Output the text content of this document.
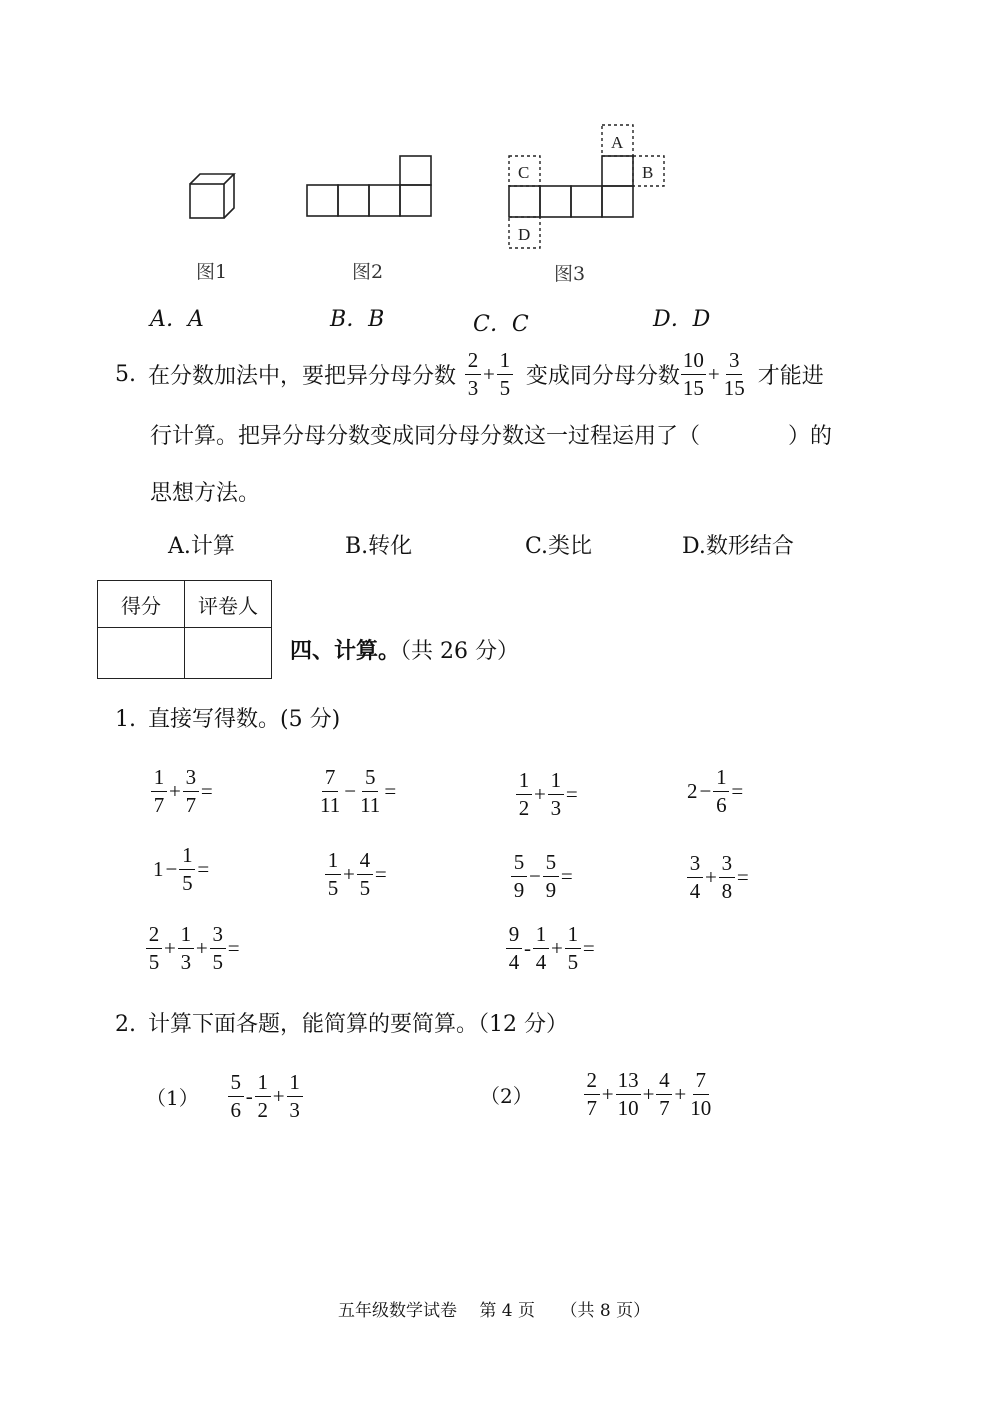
图1	图2
A
B
C
D
图3
A．A	B．B	C．C	D．D
5. 在分数加法中，要把异分母分数 $\frac{2}{3} + \frac{1}{5}$ 变成同分母分数 $\frac{10}{15} + \frac{3}{15}$ 才能进
行计算。把异分母分数变成同分母分数这一过程运用了（　　　　）的
思想方法。
A.计算	B.转化	C.类比	D.数形结合
得分	评卷人

四、计算。（共 26 分）
1. 直接写得数。(5 分)
$\frac{1}{7} + \frac{3}{7}$ =	$\frac{7}{11} - \frac{5}{11}$ =	$\frac{1}{2} + \frac{1}{3}$ =	$2 - \frac{1}{6}$ =
$1 - \frac{1}{5}$ =	$\frac{1}{5} + \frac{4}{5}$ =	$\frac{5}{9} - \frac{5}{9}$ =	$\frac{3}{4} + \frac{3}{8}$ =
$\frac{2}{5} + \frac{1}{3} + \frac{3}{5}$ =	$\frac{9}{4} - \frac{1}{4} + \frac{1}{5}$ =
2. 计算下面各题，能简算的要简算。（12 分）
$(1) \frac{5}{6} - \frac{1}{2} + \frac{1}{3}$	$(2) \frac{2}{7} + \frac{13}{10} + \frac{4}{7} + \frac{7}{10}$
五年级数学试卷　 第 4 页　　（共 8 页）
